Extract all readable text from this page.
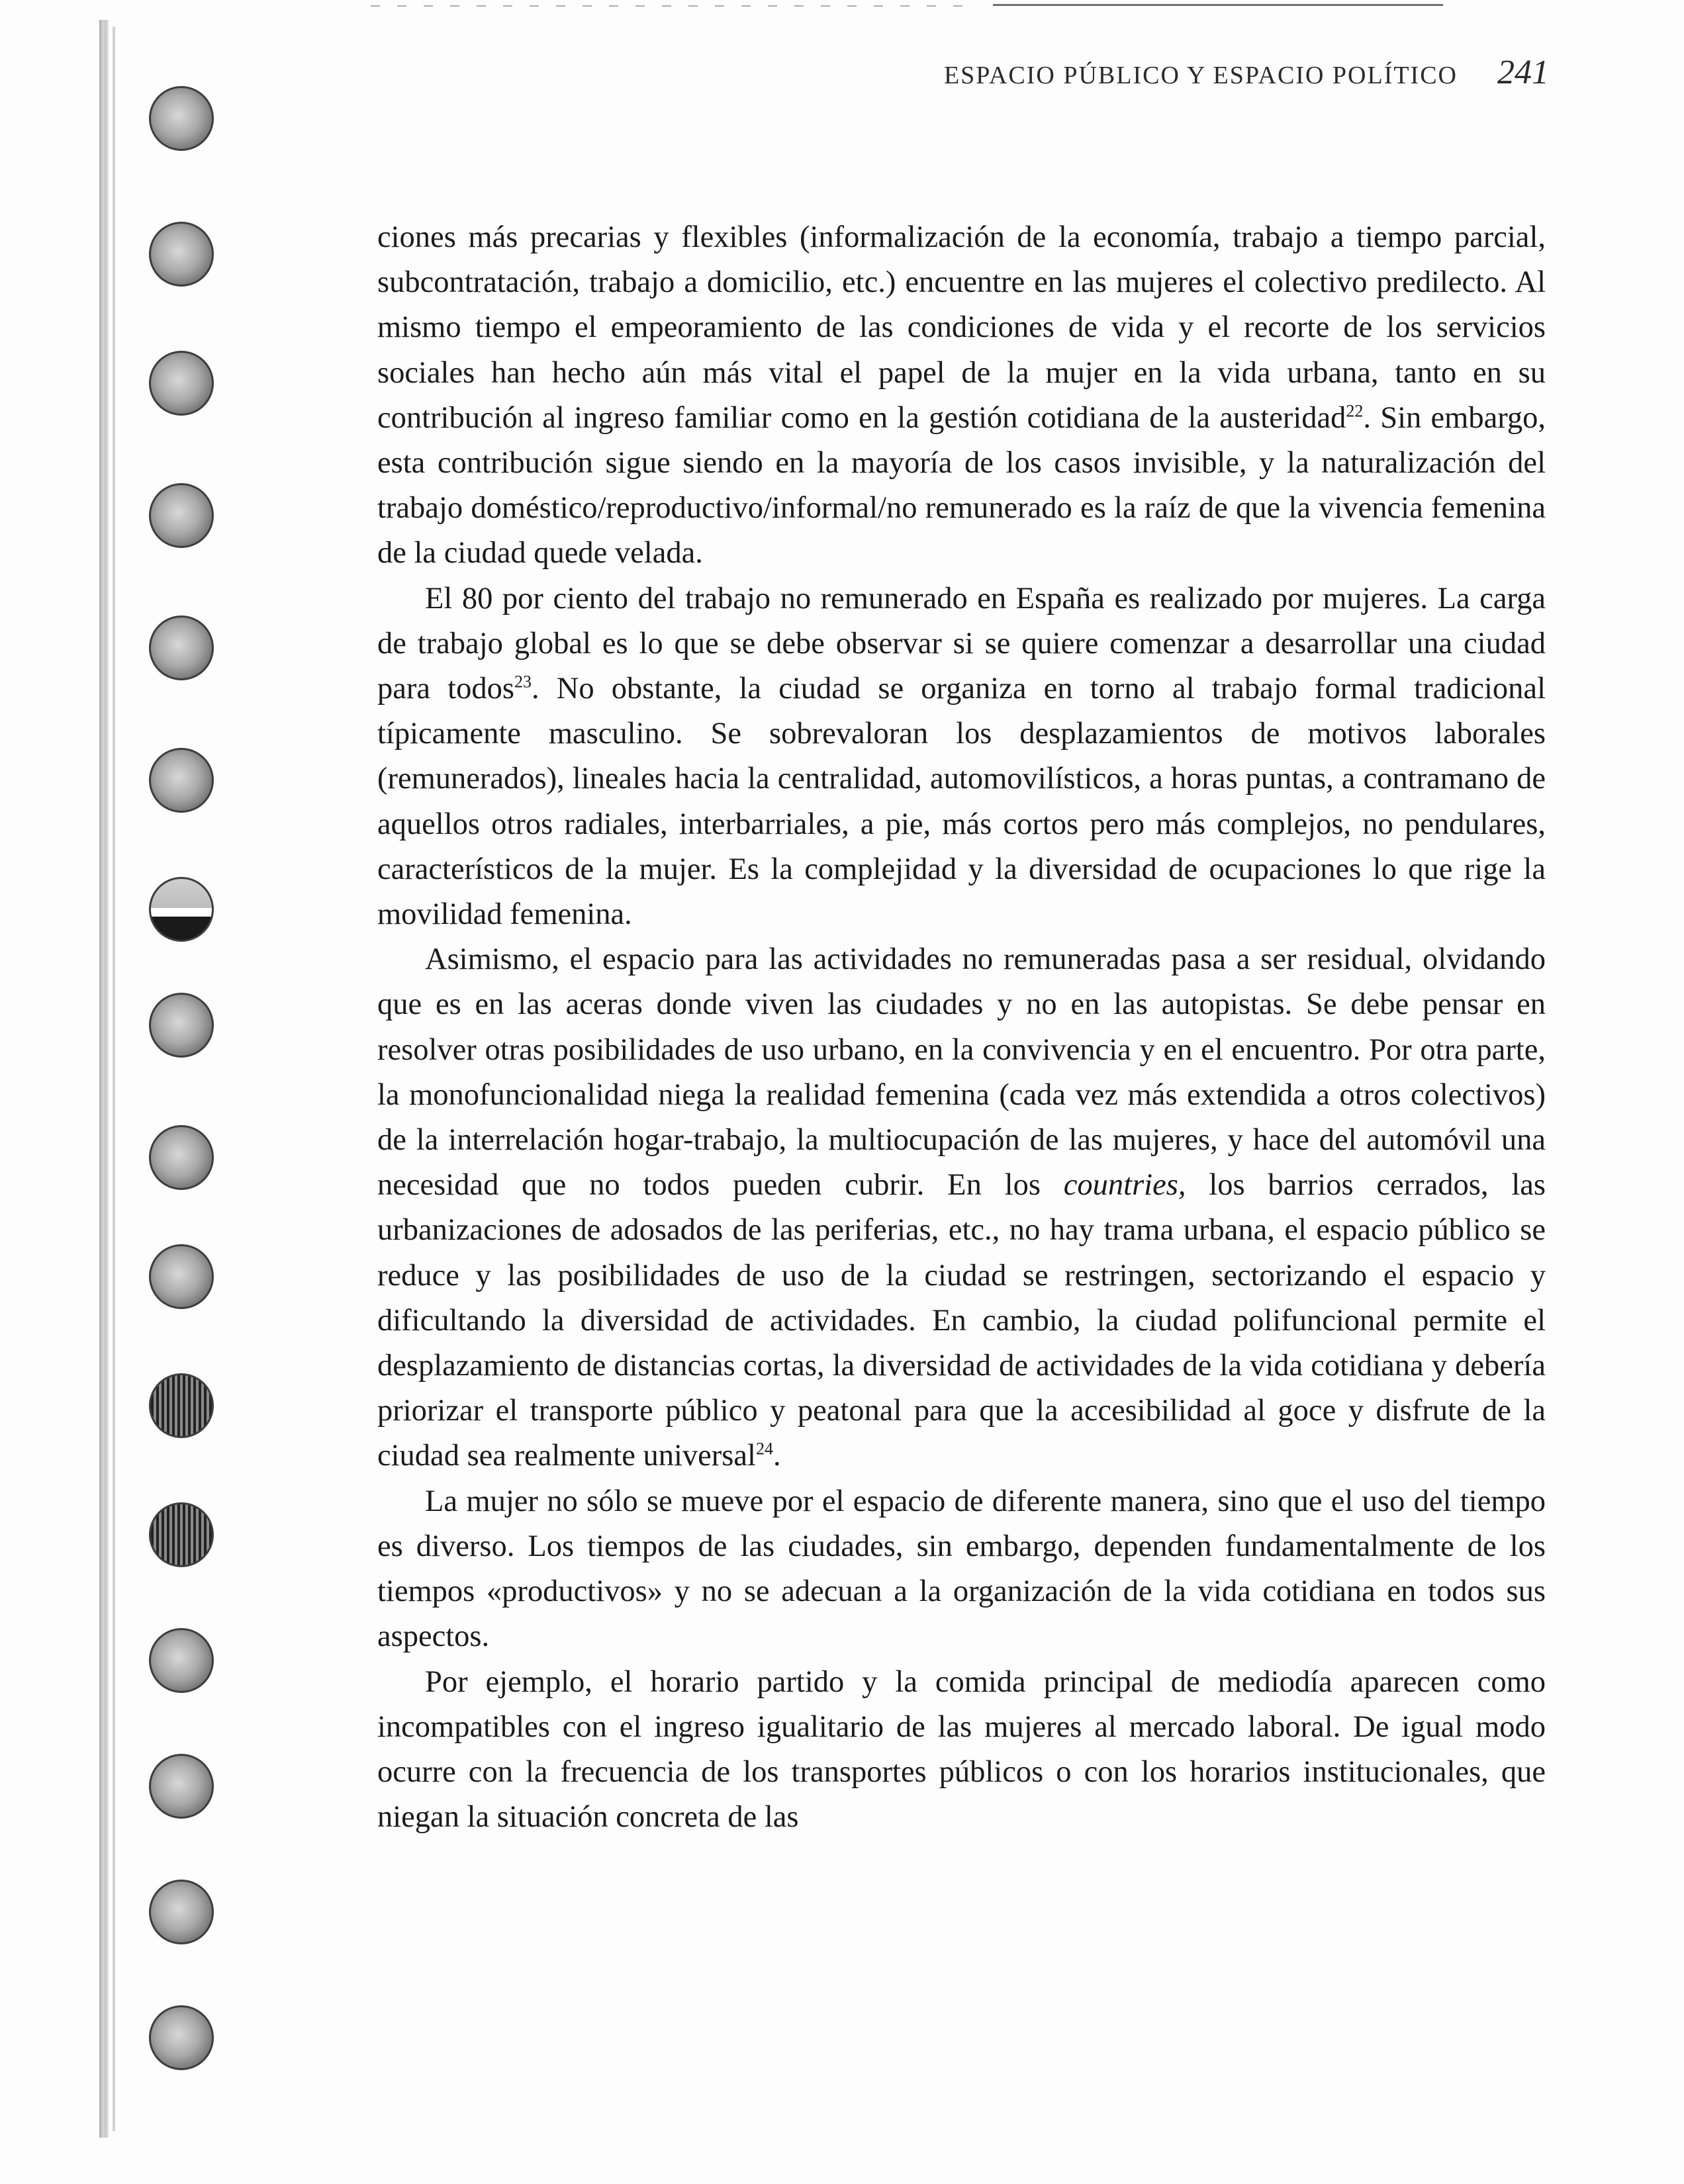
ESPACIO PÚBLICO Y ESPACIO POLÍTICO 241

ciones más precarias y flexibles (informalización de la economía, trabajo a tiempo parcial, subcontratación, trabajo a domicilio, etc.) encuentre en las mujeres el colectivo predilecto. Al mismo tiempo el empeoramiento de las condiciones de vida y el recorte de los servicios sociales han hecho aún más vital el papel de la mujer en la vida urbana, tanto en su contribución al ingreso familiar como en la gestión cotidiana de la austeridad$^{22}$. Sin embargo, esta contribución sigue siendo en la mayoría de los casos invisible, y la naturalización del trabajo doméstico/reproductivo/informal/no remunerado es la raíz de que la vivencia femenina de la ciudad quede velada.

El 80 por ciento del trabajo no remunerado en España es realizado por mujeres. La carga de trabajo global es lo que se debe observar si se quiere comenzar a desarrollar una ciudad para todos$^{23}$. No obstante, la ciudad se organiza en torno al trabajo formal tradicional típicamente masculino. Se sobrevaloran los desplazamientos de motivos laborales (remunerados), lineales hacia la centralidad, automovilísticos, a horas puntas, a contramano de aquellos otros radiales, interbarriales, a pie, más cortos pero más complejos, no pendulares, característicos de la mujer. Es la complejidad y la diversidad de ocupaciones lo que rige la movilidad femenina.

Asimismo, el espacio para las actividades no remuneradas pasa a ser residual, olvidando que es en las aceras donde viven las ciudades y no en las autopistas. Se debe pensar en resolver otras posibilidades de uso urbano, en la convivencia y en el encuentro. Por otra parte, la monofuncionalidad niega la realidad femenina (cada vez más extendida a otros colectivos) de la interrelación hogar-trabajo, la multiocupación de las mujeres, y hace del automóvil una necesidad que no todos pueden cubrir. En los countries, los barrios cerrados, las urbanizaciones de adosados de las periferias, etc., no hay trama urbana, el espacio público se reduce y las posibilidades de uso de la ciudad se restringen, sectorizando el espacio y dificultando la diversidad de actividades. En cambio, la ciudad polifuncional permite el desplazamiento de distancias cortas, la diversidad de actividades de la vida cotidiana y debería priorizar el transporte público y peatonal para que la accesibilidad al goce y disfrute de la ciudad sea realmente universal$^{24}$.

La mujer no sólo se mueve por el espacio de diferente manera, sino que el uso del tiempo es diverso. Los tiempos de las ciudades, sin embargo, dependen fundamentalmente de los tiempos «productivos» y no se adecuan a la organización de la vida cotidiana en todos sus aspectos.

Por ejemplo, el horario partido y la comida principal de mediodía aparecen como incompatibles con el ingreso igualitario de las mujeres al mercado laboral. De igual modo ocurre con la frecuencia de los transportes públicos o con los horarios institucionales, que niegan la situación concreta de las
